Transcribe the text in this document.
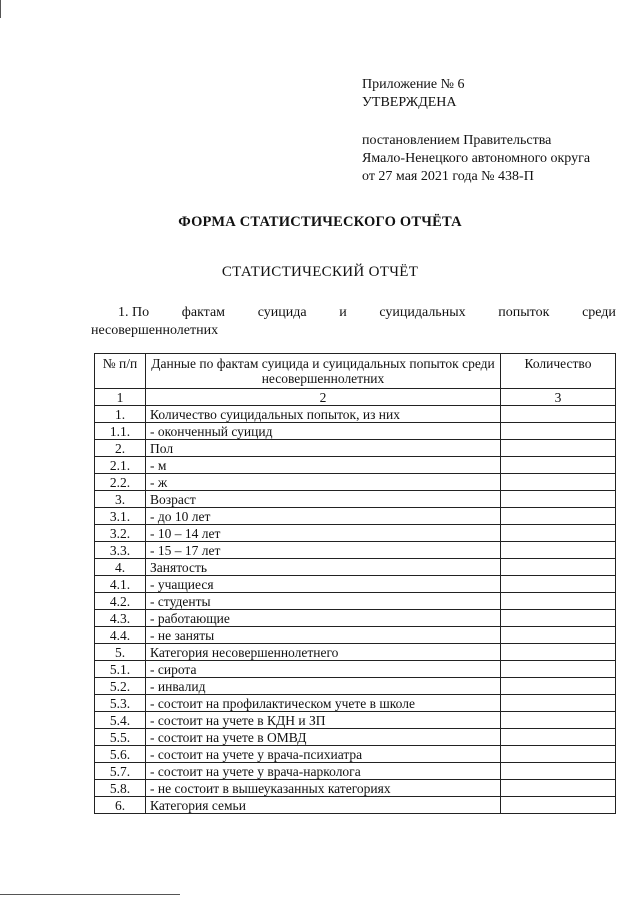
Приложение № 6
УТВЕРЖДЕНА
постановлением Правительства
Ямало-Ненецкого автономного округа
от 27 мая 2021 года № 438-П
ФОРМА СТАТИСТИЧЕСКОГО ОТЧЁТА
СТАТИСТИЧЕСКИЙ ОТЧЁТ
1. По фактам суицида и суицидальных попыток среди
несовершеннолетних
№ п/п	Данные по фактам суицида и суицидальных попыток среди несовершеннолетних	Количество
1	2	3
1.	Количество суицидальных попыток, из них	
1.1.	- оконченный суицид	
2.	Пол	
2.1.	- м	
2.2.	- ж	
3.	Возраст	
3.1.	- до 10 лет	
3.2.	- 10 – 14 лет	
3.3.	- 15 – 17 лет	
4.	Занятость	
4.1.	- учащиеся	
4.2.	- студенты	
4.3.	- работающие	
4.4.	- не заняты	
5.	Категория несовершеннолетнего	
5.1.	- сирота	
5.2.	- инвалид	
5.3.	- состоит на профилактическом учете в школе	
5.4.	- состоит на учете в КДН и ЗП	
5.5.	- состоит на учете в ОМВД	
5.6.	- состоит на учете у врача-психиатра	
5.7.	- состоит на учете у врача-нарколога	
5.8.	- не состоит в вышеуказанных категориях	
6.	Категория семьи	
